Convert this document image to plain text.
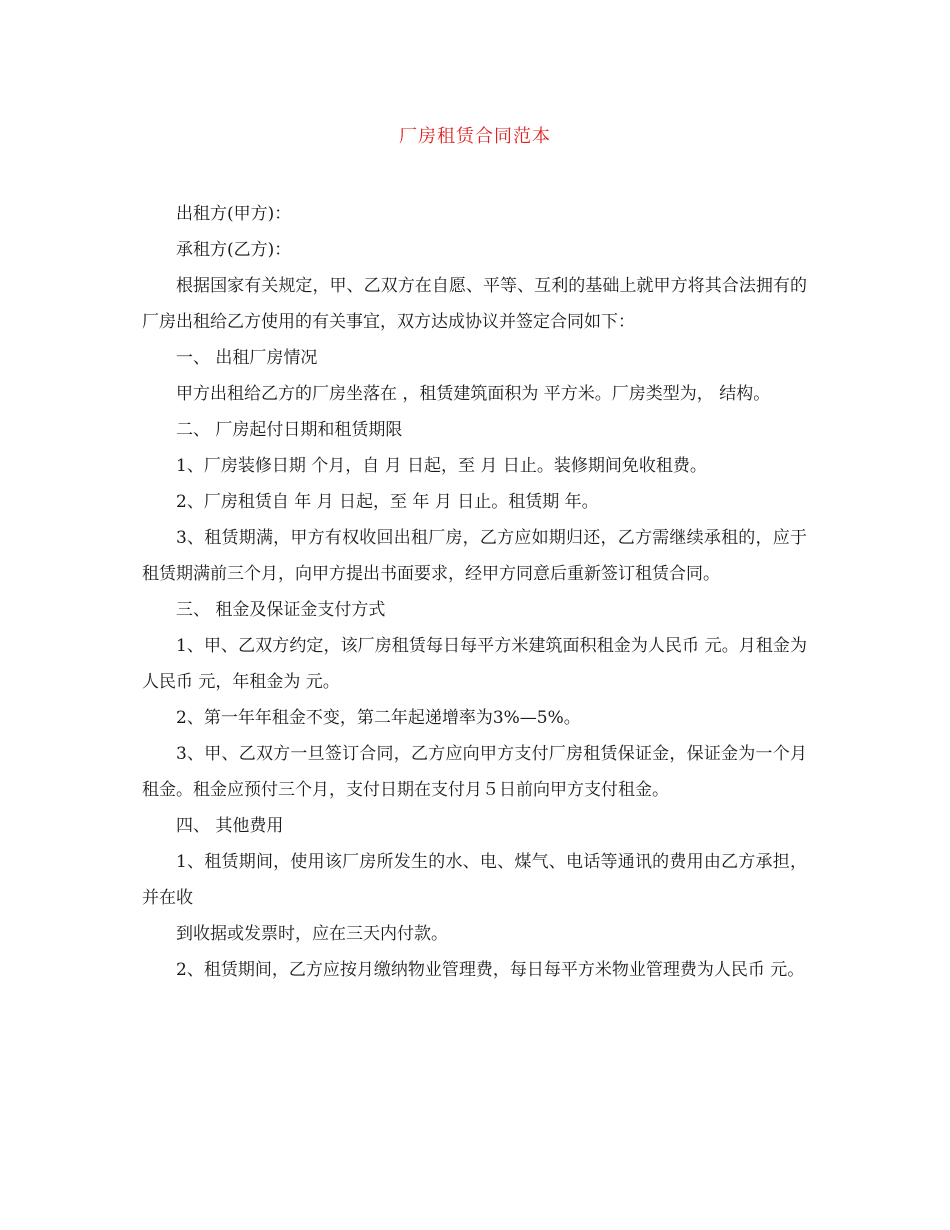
厂房租赁合同范本

出租方(甲方)：

承租方(乙方)：

根据国家有关规定，甲、乙双方在自愿、平等、互利的基础上就甲方将其合法拥有的厂房出租给乙方使用的有关事宜，双方达成协议并签定合同如下：

一、 出租厂房情况

甲方出租给乙方的厂房坐落在 ，租赁建筑面积为 平方米。厂房类型为， 结构。

二、 厂房起付日期和租赁期限

1、厂房装修日期 个月，自 月 日起，至 月 日止。装修期间免收租费。

2、厂房租赁自 年 月 日起，至 年 月 日止。租赁期 年。

3、租赁期满，甲方有权收回出租厂房，乙方应如期归还，乙方需继续承租的，应于租赁期满前三个月，向甲方提出书面要求，经甲方同意后重新签订租赁合同。

三、 租金及保证金支付方式

1、甲、乙双方约定，该厂房租赁每日每平方米建筑面积租金为人民币 元。月租金为人民币 元，年租金为 元。

2、第一年年租金不变，第二年起递增率为3%—5%。

3、甲、乙双方一旦签订合同，乙方应向甲方支付厂房租赁保证金，保证金为一个月租金。租金应预付三个月，支付日期在支付月５日前向甲方支付租金。

四、 其他费用

1、租赁期间，使用该厂房所发生的水、电、煤气、电话等通讯的费用由乙方承担，并在收

到收据或发票时，应在三天内付款。

2、租赁期间，乙方应按月缴纳物业管理费，每日每平方米物业管理费为人民币 元。
